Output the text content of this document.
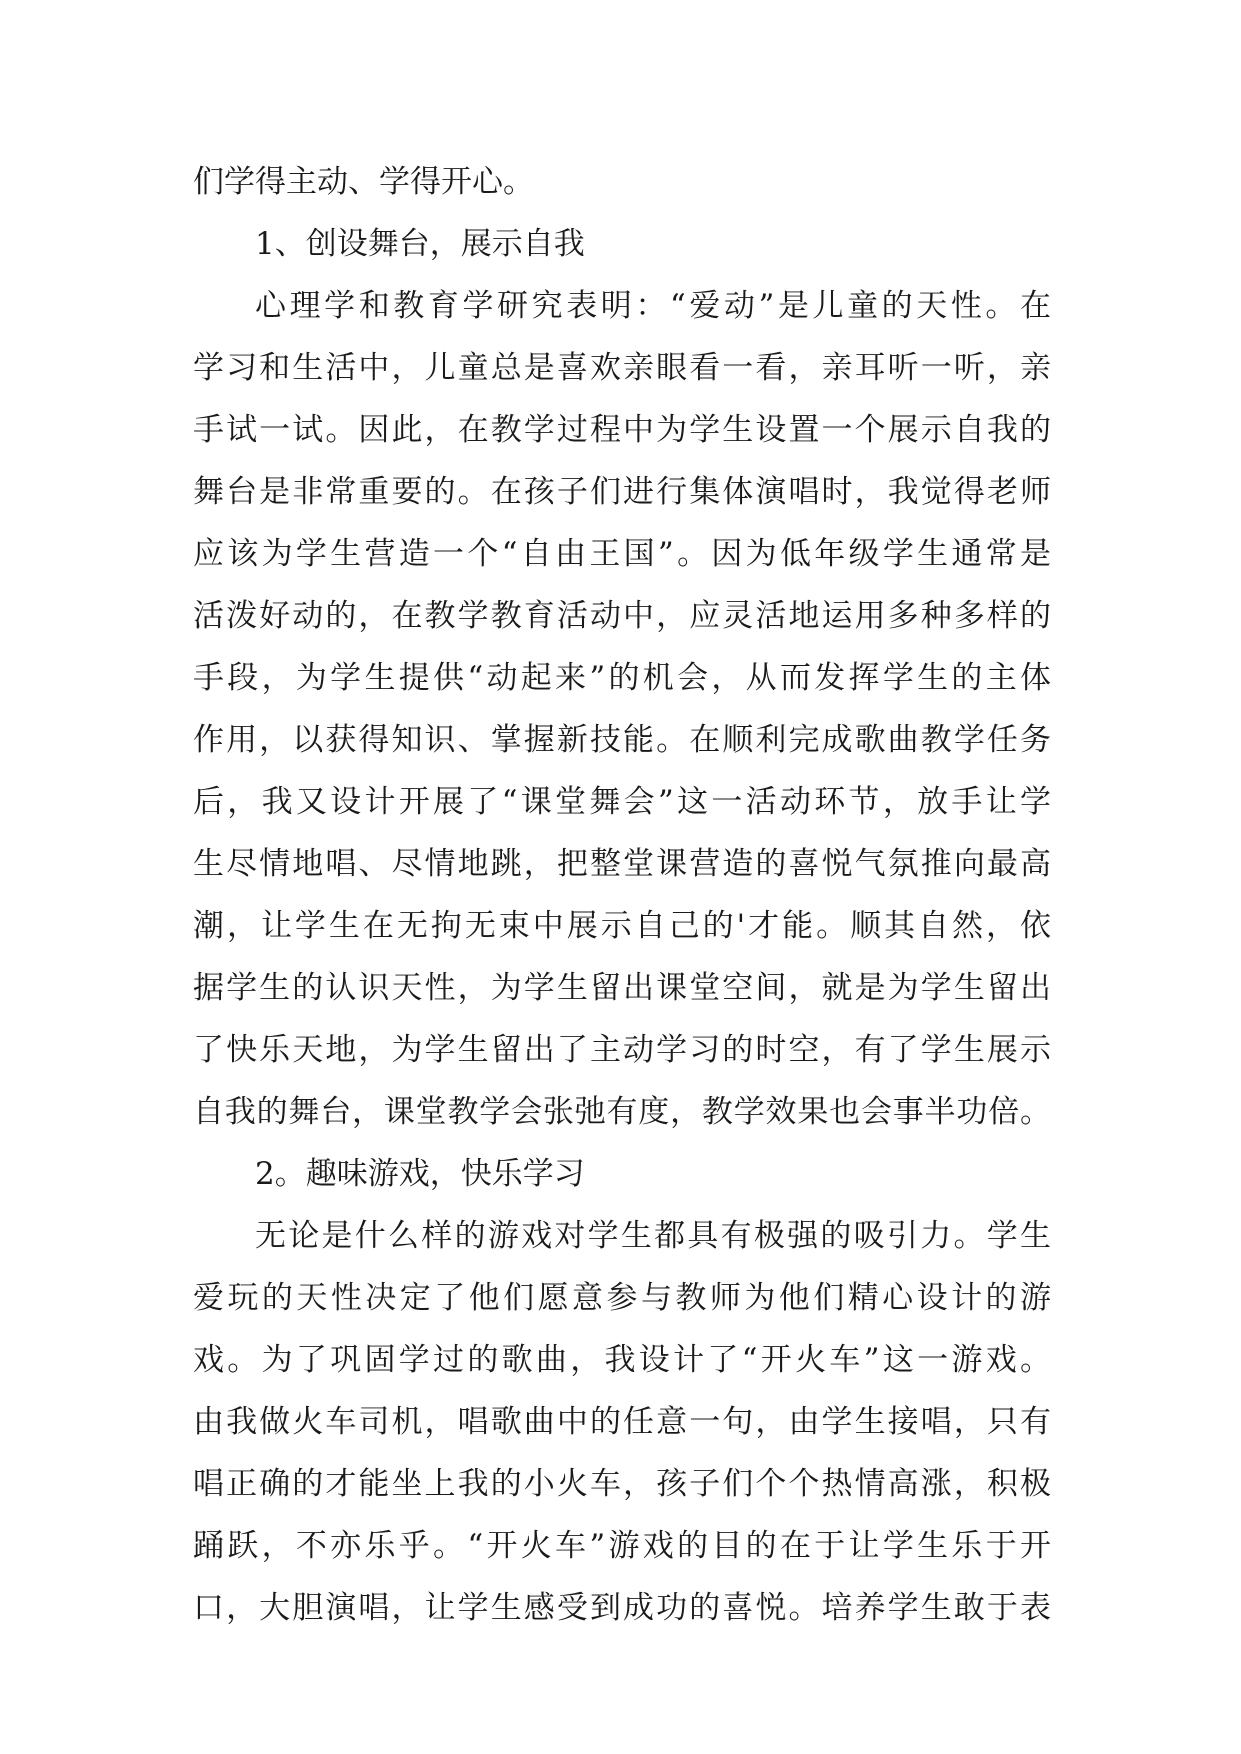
们学得主动、学得开心。
1、创设舞台，展示自我
心理学和教育学研究表明：“爱动”是儿童的天性。在
学习和生活中，儿童总是喜欢亲眼看一看，亲耳听一听，亲
手试一试。因此，在教学过程中为学生设置一个展示自我的
舞台是非常重要的。在孩子们进行集体演唱时，我觉得老师
应该为学生营造一个“自由王国”。因为低年级学生通常是
活泼好动的，在教学教育活动中，应灵活地运用多种多样的
手段，为学生提供“动起来”的机会，从而发挥学生的主体
作用，以获得知识、掌握新技能。在顺利完成歌曲教学任务
后，我又设计开展了“课堂舞会”这一活动环节，放手让学
生尽情地唱、尽情地跳，把整堂课营造的喜悦气氛推向最高
潮，让学生在无拘无束中展示自己的'才能。顺其自然，依
据学生的认识天性，为学生留出课堂空间，就是为学生留出
了快乐天地，为学生留出了主动学习的时空，有了学生展示
自我的舞台，课堂教学会张弛有度，教学效果也会事半功倍。
2。趣味游戏，快乐学习
无论是什么样的游戏对学生都具有极强的吸引力。学生
爱玩的天性决定了他们愿意参与教师为他们精心设计的游
戏。为了巩固学过的歌曲，我设计了“开火车”这一游戏。
由我做火车司机，唱歌曲中的任意一句，由学生接唱，只有
唱正确的才能坐上我的小火车，孩子们个个热情高涨，积极
踊跃，不亦乐乎。“开火车”游戏的目的在于让学生乐于开
口，大胆演唱，让学生感受到成功的喜悦。培养学生敢于表
